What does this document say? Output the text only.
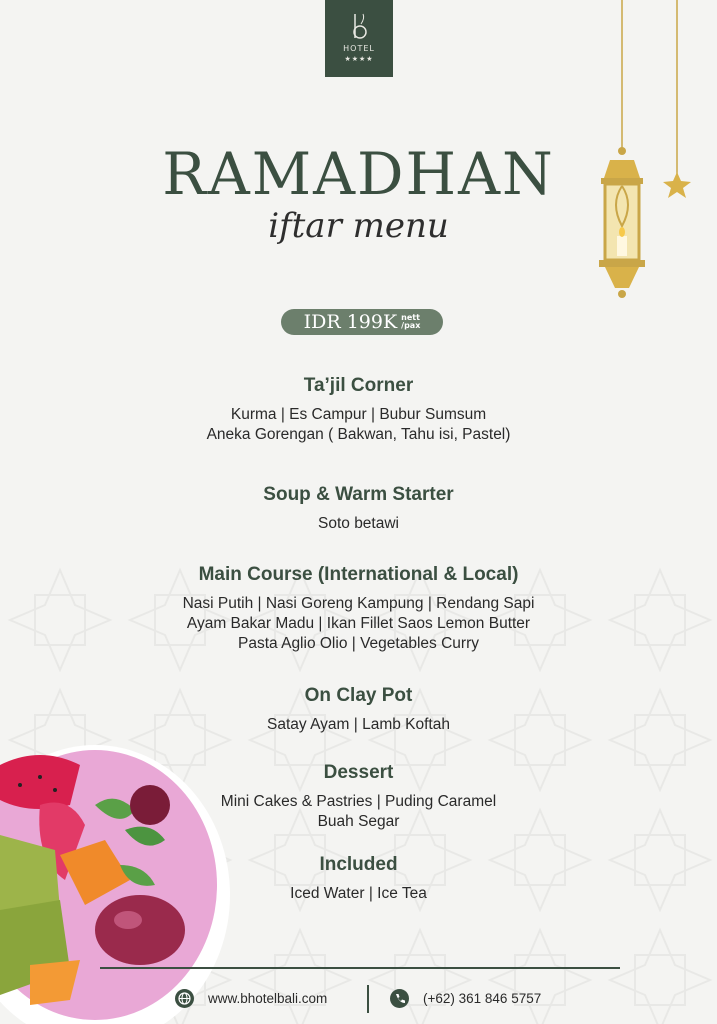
HOTEL
★★★★
RAMADHAN
iftar menu
IDR 199K nett
/pax

Ta’jil Corner

Kurma | Es Campur | Bubur Sumsum
Aneka Gorengan ( Bakwan, Tahu isi, Pastel)

Soup & Warm Starter

Soto betawi

Main Course (International & Local)

Nasi Putih | Nasi Goreng Kampung | Rendang Sapi
Ayam Bakar Madu | Ikan Fillet Saos Lemon Butter
Pasta Aglio Olio | Vegetables Curry

On Clay Pot

Satay Ayam | Lamb Koftah

Dessert

Mini Cakes & Pastries | Puding Caramel
Buah Segar

Included

Iced Water | Ice Tea
www.bhotelbali.com	(+62) 361 846 5757
